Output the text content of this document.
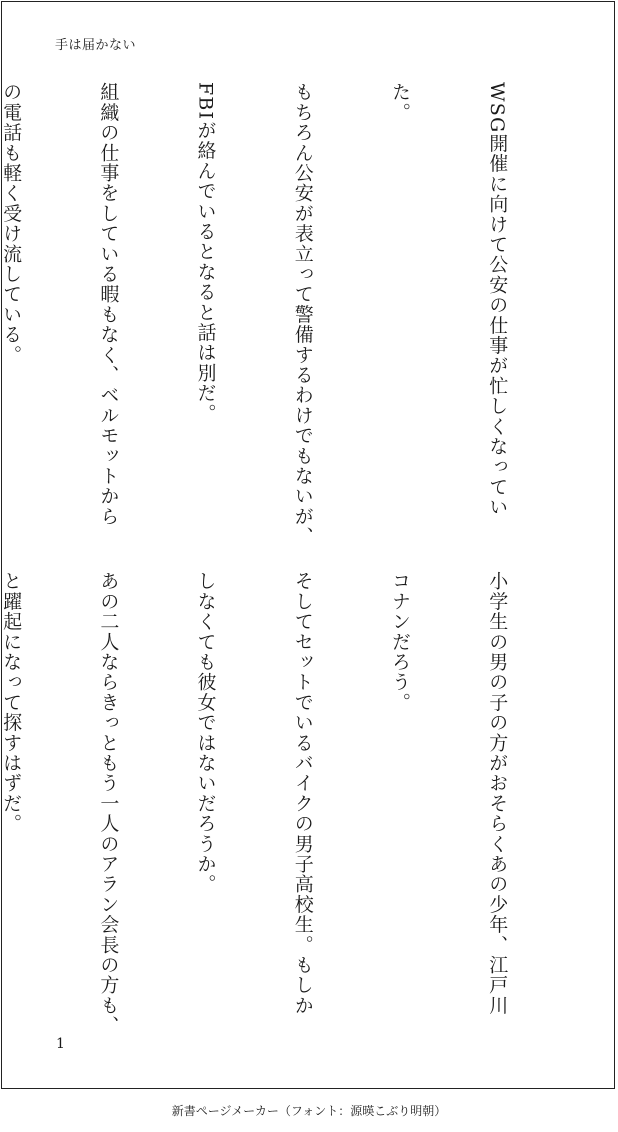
手は届かない

WSG開催に向けて公安の仕事が忙しくなってい

た。

もちろん公安が表立って警備するわけでもないが、

FBIが絡んでいるとなると話は別だ。

組織の仕事をしている暇もなく、ベルモットから

の電話も軽く受け流している。

小学生の男の子の方がおそらくあの少年、江戸川

コナンだろう。

そしてセットでいるバイクの男子高校生。もしか

しなくても彼女ではないだろうか。

あの二人ならきっともう一人のアラン会長の方も、

と躍起になって探すはずだ。

1
新書ページメーカー（フォント：源暎こぶり明朝）
